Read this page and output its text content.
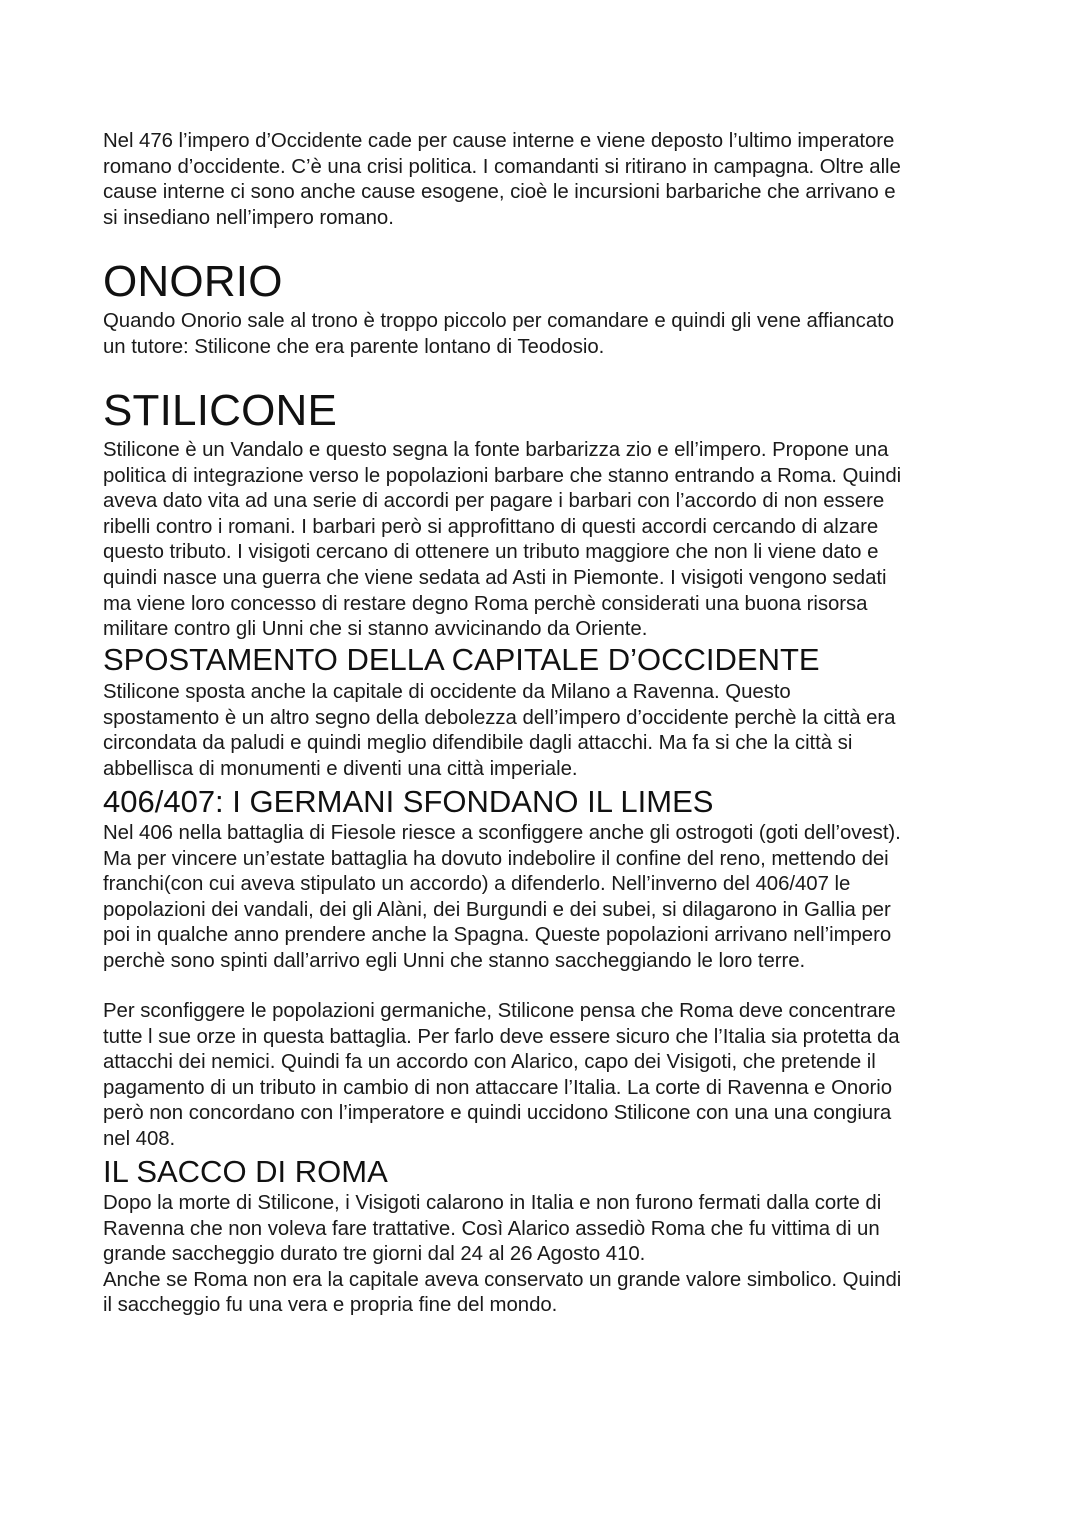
Nel 476 l’impero d’Occidente cade per cause interne e viene deposto l’ultimo imperatore
romano d’occidente. C’è una crisi politica. I comandanti si ritirano in campagna. Oltre alle
cause interne ci sono anche cause esogene, cioè le incursioni barbariche che arrivano e
si insediano nell’impero romano.

ONORIO

Quando Onorio sale al trono è troppo piccolo per comandare e quindi gli vene affiancato
un tutore: Stilicone che era parente lontano di Teodosio.

STILICONE

Stilicone è un Vandalo e questo segna la fonte barbarizza zio e ell’impero. Propone una
politica di integrazione verso le popolazioni barbare che stanno entrando a Roma. Quindi
aveva dato vita ad una serie di accordi per pagare i barbari con l’accordo di non essere
ribelli contro i romani. I barbari però si approfittano di questi accordi cercando di alzare
questo tributo. I visigoti cercano di ottenere un tributo maggiore che non li viene dato e
quindi nasce una guerra che viene sedata ad Asti in Piemonte. I visigoti vengono sedati
ma viene loro concesso di restare degno Roma perchè considerati una buona risorsa
militare contro gli Unni che si stanno avvicinando da Oriente.

SPOSTAMENTO DELLA CAPITALE D’OCCIDENTE

Stilicone sposta anche la capitale di occidente da Milano a Ravenna. Questo
spostamento è un altro segno della debolezza dell’impero d’occidente perchè la città era
circondata da paludi e quindi meglio difendibile dagli attacchi. Ma fa si che la città si
abbellisca di monumenti e diventi una città imperiale.

406/407: I GERMANI SFONDANO IL LIMES

Nel 406 nella battaglia di Fiesole riesce a sconfiggere anche gli ostrogoti (goti dell’ovest).
Ma per vincere un’estate battaglia ha dovuto indebolire il confine del reno, mettendo dei
franchi(con cui aveva stipulato un accordo) a difenderlo. Nell’inverno del 406/407 le
popolazioni dei vandali, dei gli Alàni, dei Burgundi e dei subei, si dilagarono in Gallia per
poi in qualche anno prendere anche la Spagna. Queste popolazioni arrivano nell’impero
perchè sono spinti dall’arrivo egli Unni che stanno saccheggiando le loro terre.

Per sconfiggere le popolazioni germaniche, Stilicone pensa che Roma deve concentrare
tutte l sue orze in questa battaglia. Per farlo deve essere sicuro che l’Italia sia protetta da
attacchi dei nemici. Quindi fa un accordo con Alarico, capo dei Visigoti, che pretende il
pagamento di un tributo in cambio di non attaccare l’Italia. La corte di Ravenna e Onorio
però non concordano con l’imperatore e quindi uccidono Stilicone con una una congiura
nel 408.

IL SACCO DI ROMA

Dopo la morte di Stilicone, i Visigoti calarono in Italia e non furono fermati dalla corte di
Ravenna che non voleva fare trattative. Così Alarico assediò Roma che fu vittima di un
grande saccheggio durato tre giorni dal 24 al 26 Agosto 410.
Anche se Roma non era la capitale aveva conservato un grande valore simbolico. Quindi
il saccheggio fu una vera e propria fine del mondo.
